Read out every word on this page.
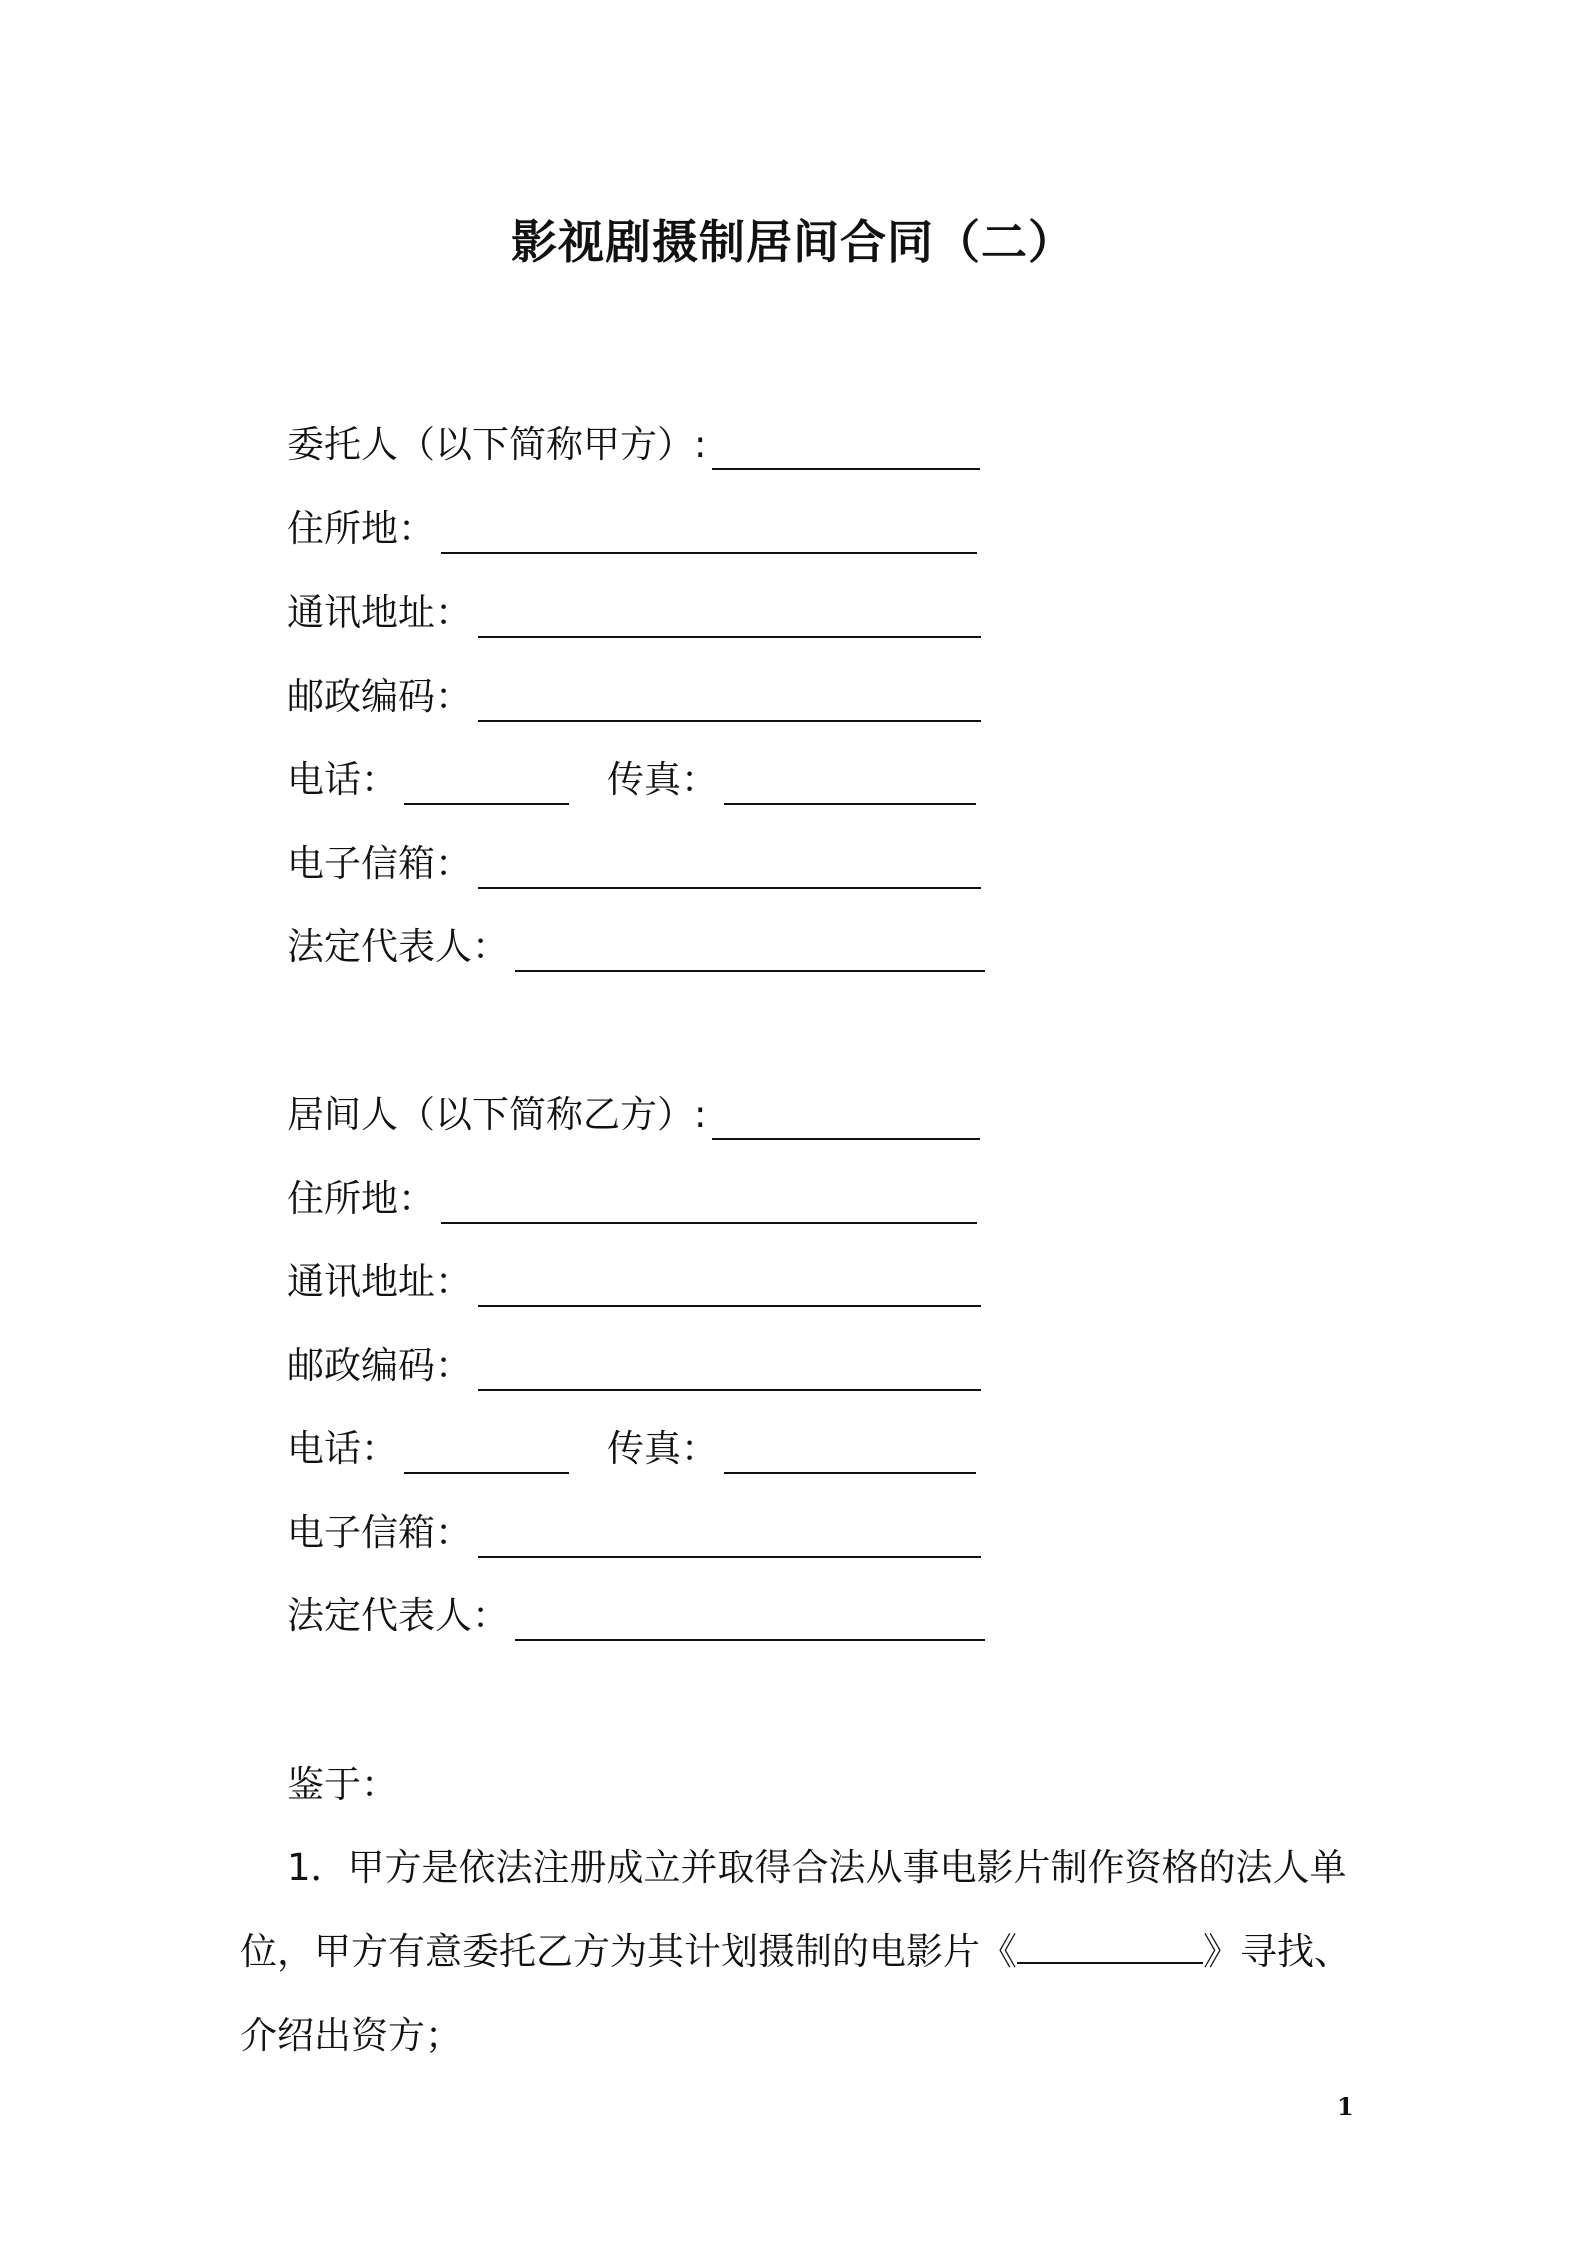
影视剧摄制居间合同（二）
委托人（以下简称甲方）:
住所地：
通讯地址：
邮政编码：
电话：	传真：
电子信箱：
法定代表人：
居间人（以下简称乙方）:
住所地：
通讯地址：
邮政编码：
电话：	传真：
电子信箱：
法定代表人：

鉴于：

1．甲方是依法注册成立并取得合法从事电影片制作资格的法人单

位，甲方有意委托乙方为其计划摄制的电影片《	》寻找、

介绍出资方；

1
